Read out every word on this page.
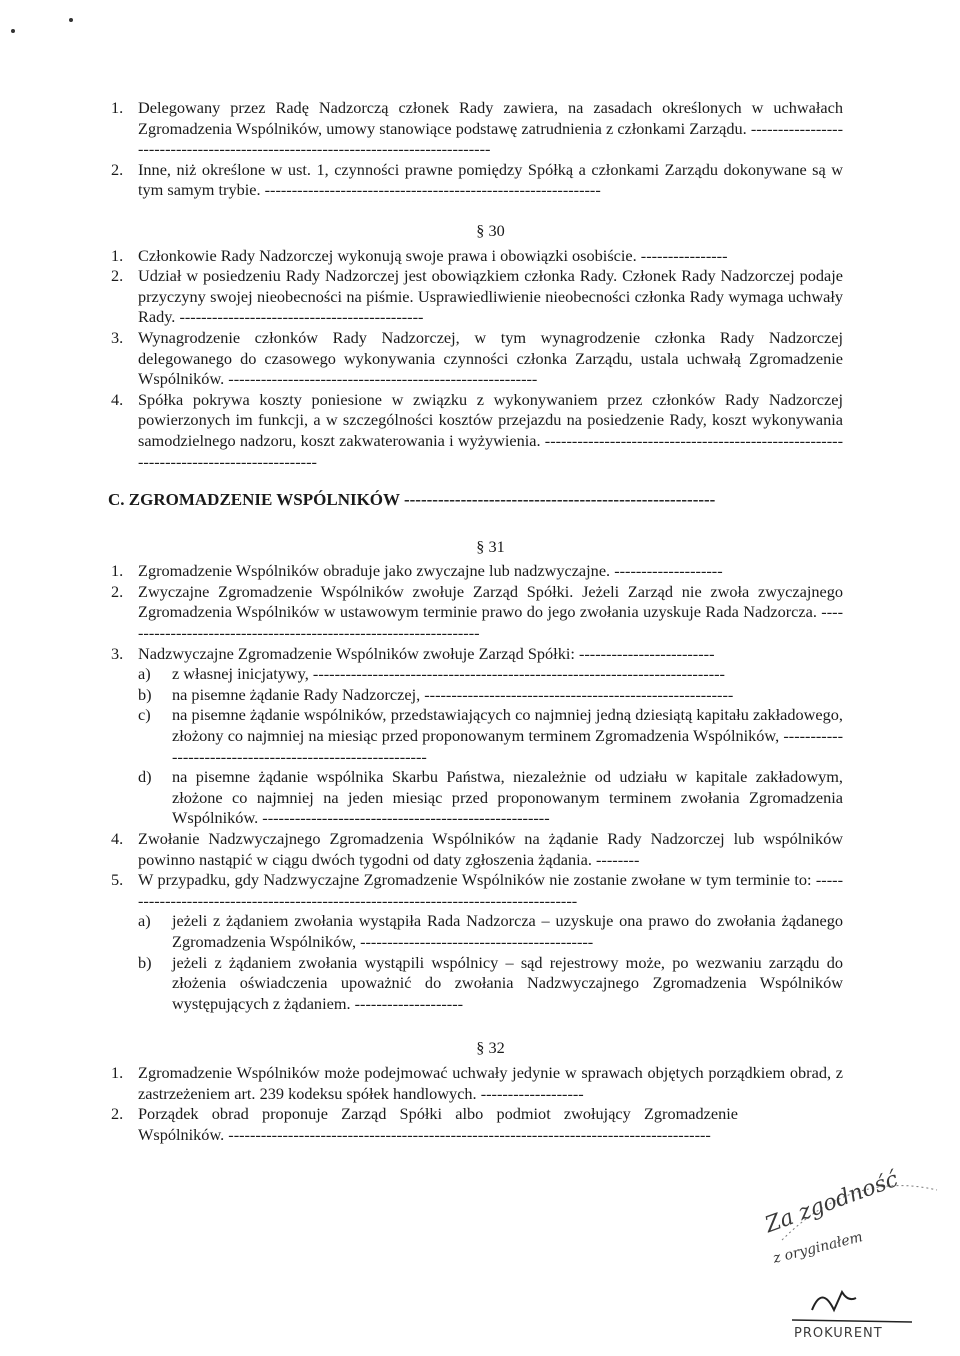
1. Delegowany przez Radę Nadzorczą członek Rady zawiera, na zasadach określonych w uchwałach Zgromadzenia Wspólników, umowy stanowiące podstawę zatrudnienia z członkami Zarządu. ----------------------------------------------------------------------------------
2. Inne, niż określone w ust. 1, czynności prawne pomiędzy Spółką a członkami Zarządu dokonywane są w tym samym trybie. --------------------------------------------------------------
§ 30
1. Członkowie Rady Nadzorczej wykonują swoje prawa i obowiązki osobiście. ----------------
2. Udział w posiedzeniu Rady Nadzorczej jest obowiązkiem członka Rady. Członek Rady Nadzorczej podaje przyczyny swojej nieobecności na piśmie. Usprawiedliwienie nieobecności członka Rady wymaga uchwały Rady. ---------------------------------------------
3. Wynagrodzenie członków Rady Nadzorczej, w tym wynagrodzenie członka Rady Nadzorczej delegowanego do czasowego wykonywania czynności członka Zarządu, ustala uchwałą Zgromadzenie Wspólników. ---------------------------------------------------------
4. Spółka pokrywa koszty poniesione w związku z wykonywaniem przez członków Rady Nadzorczej powierzonych im funkcji, a w szczególności kosztów przejazdu na posiedzenie Rady, koszt wykonywania samodzielnego nadzoru, koszt zakwaterowania i wyżywienia. ----------------------------------------------------------------------------------------
C. ZGROMADZENIE WSPÓLNIKÓW -------------------------------------------------------
§ 31
1. Zgromadzenie Wspólników obraduje jako zwyczajne lub nadzwyczajne. --------------------
2. Zwyczajne Zgromadzenie Wspólników zwołuje Zarząd Spółki. Jeżeli Zarząd nie zwoła zwyczajnego Zgromadzenia Wspólników w ustawowym terminie prawo do jego zwołania uzyskuje Rada Nadzorcza. -------------------------------------------------------------------
3. Nadzwyczajne Zgromadzenie Wspólników zwołuje Zarząd Spółki: -------------------------
a) z własnej inicjatywy, ----------------------------------------------------------------------------
b) na pisemne żądanie Rady Nadzorczej, ---------------------------------------------------------
c) na pisemne żądanie wspólników, przedstawiających co najmniej jedną dziesiątą kapitału zakładowego, złożony co najmniej na miesiąc przed proponowanym terminem Zgromadzenia Wspólników, ----------------------------------------------------------
d) na pisemne żądanie wspólnika Skarbu Państwa, niezależnie od udziału w kapitale zakładowym, złożone co najmniej na jeden miesiąc przed proponowanym terminem zwołania Zgromadzenia Wspólników. -----------------------------------------------------
4. Zwołanie Nadzwyczajnego Zgromadzenia Wspólników na żądanie Rady Nadzorczej lub wspólników powinno nastąpić w ciągu dwóch tygodni od daty zgłoszenia żądania. --------
5. W przypadku, gdy Nadzwyczajne Zgromadzenie Wspólników nie zostanie zwołane w tym terminie to: --------------------------------------------------------------------------------------
a) jeżeli z żądaniem zwołania wystąpiła Rada Nadzorcza – uzyskuje ona prawo do zwołania żądanego Zgromadzenia Wspólników, -------------------------------------------
b) jeżeli z żądaniem zwołania wystąpili wspólnicy – sąd rejestrowy może, po wezwaniu zarządu do złożenia oświadczenia upoważnić do zwołania Nadzwyczajnego Zgromadzenia Wspólników występujących z żądaniem. --------------------
§ 32
1. Zgromadzenie Wspólników może podejmować uchwały jedynie w sprawach objętych porządkiem obrad, z zastrzeżeniem art. 239 kodeksu spółek handlowych. -------------------
2. Porządek obrad proponuje Zarząd Spółki albo podmiot zwołujący Zgromadzenie Wspólników. -----------------------------------------------------------------------------------------
Za zgodność
z oryginałem
PROKURENT
